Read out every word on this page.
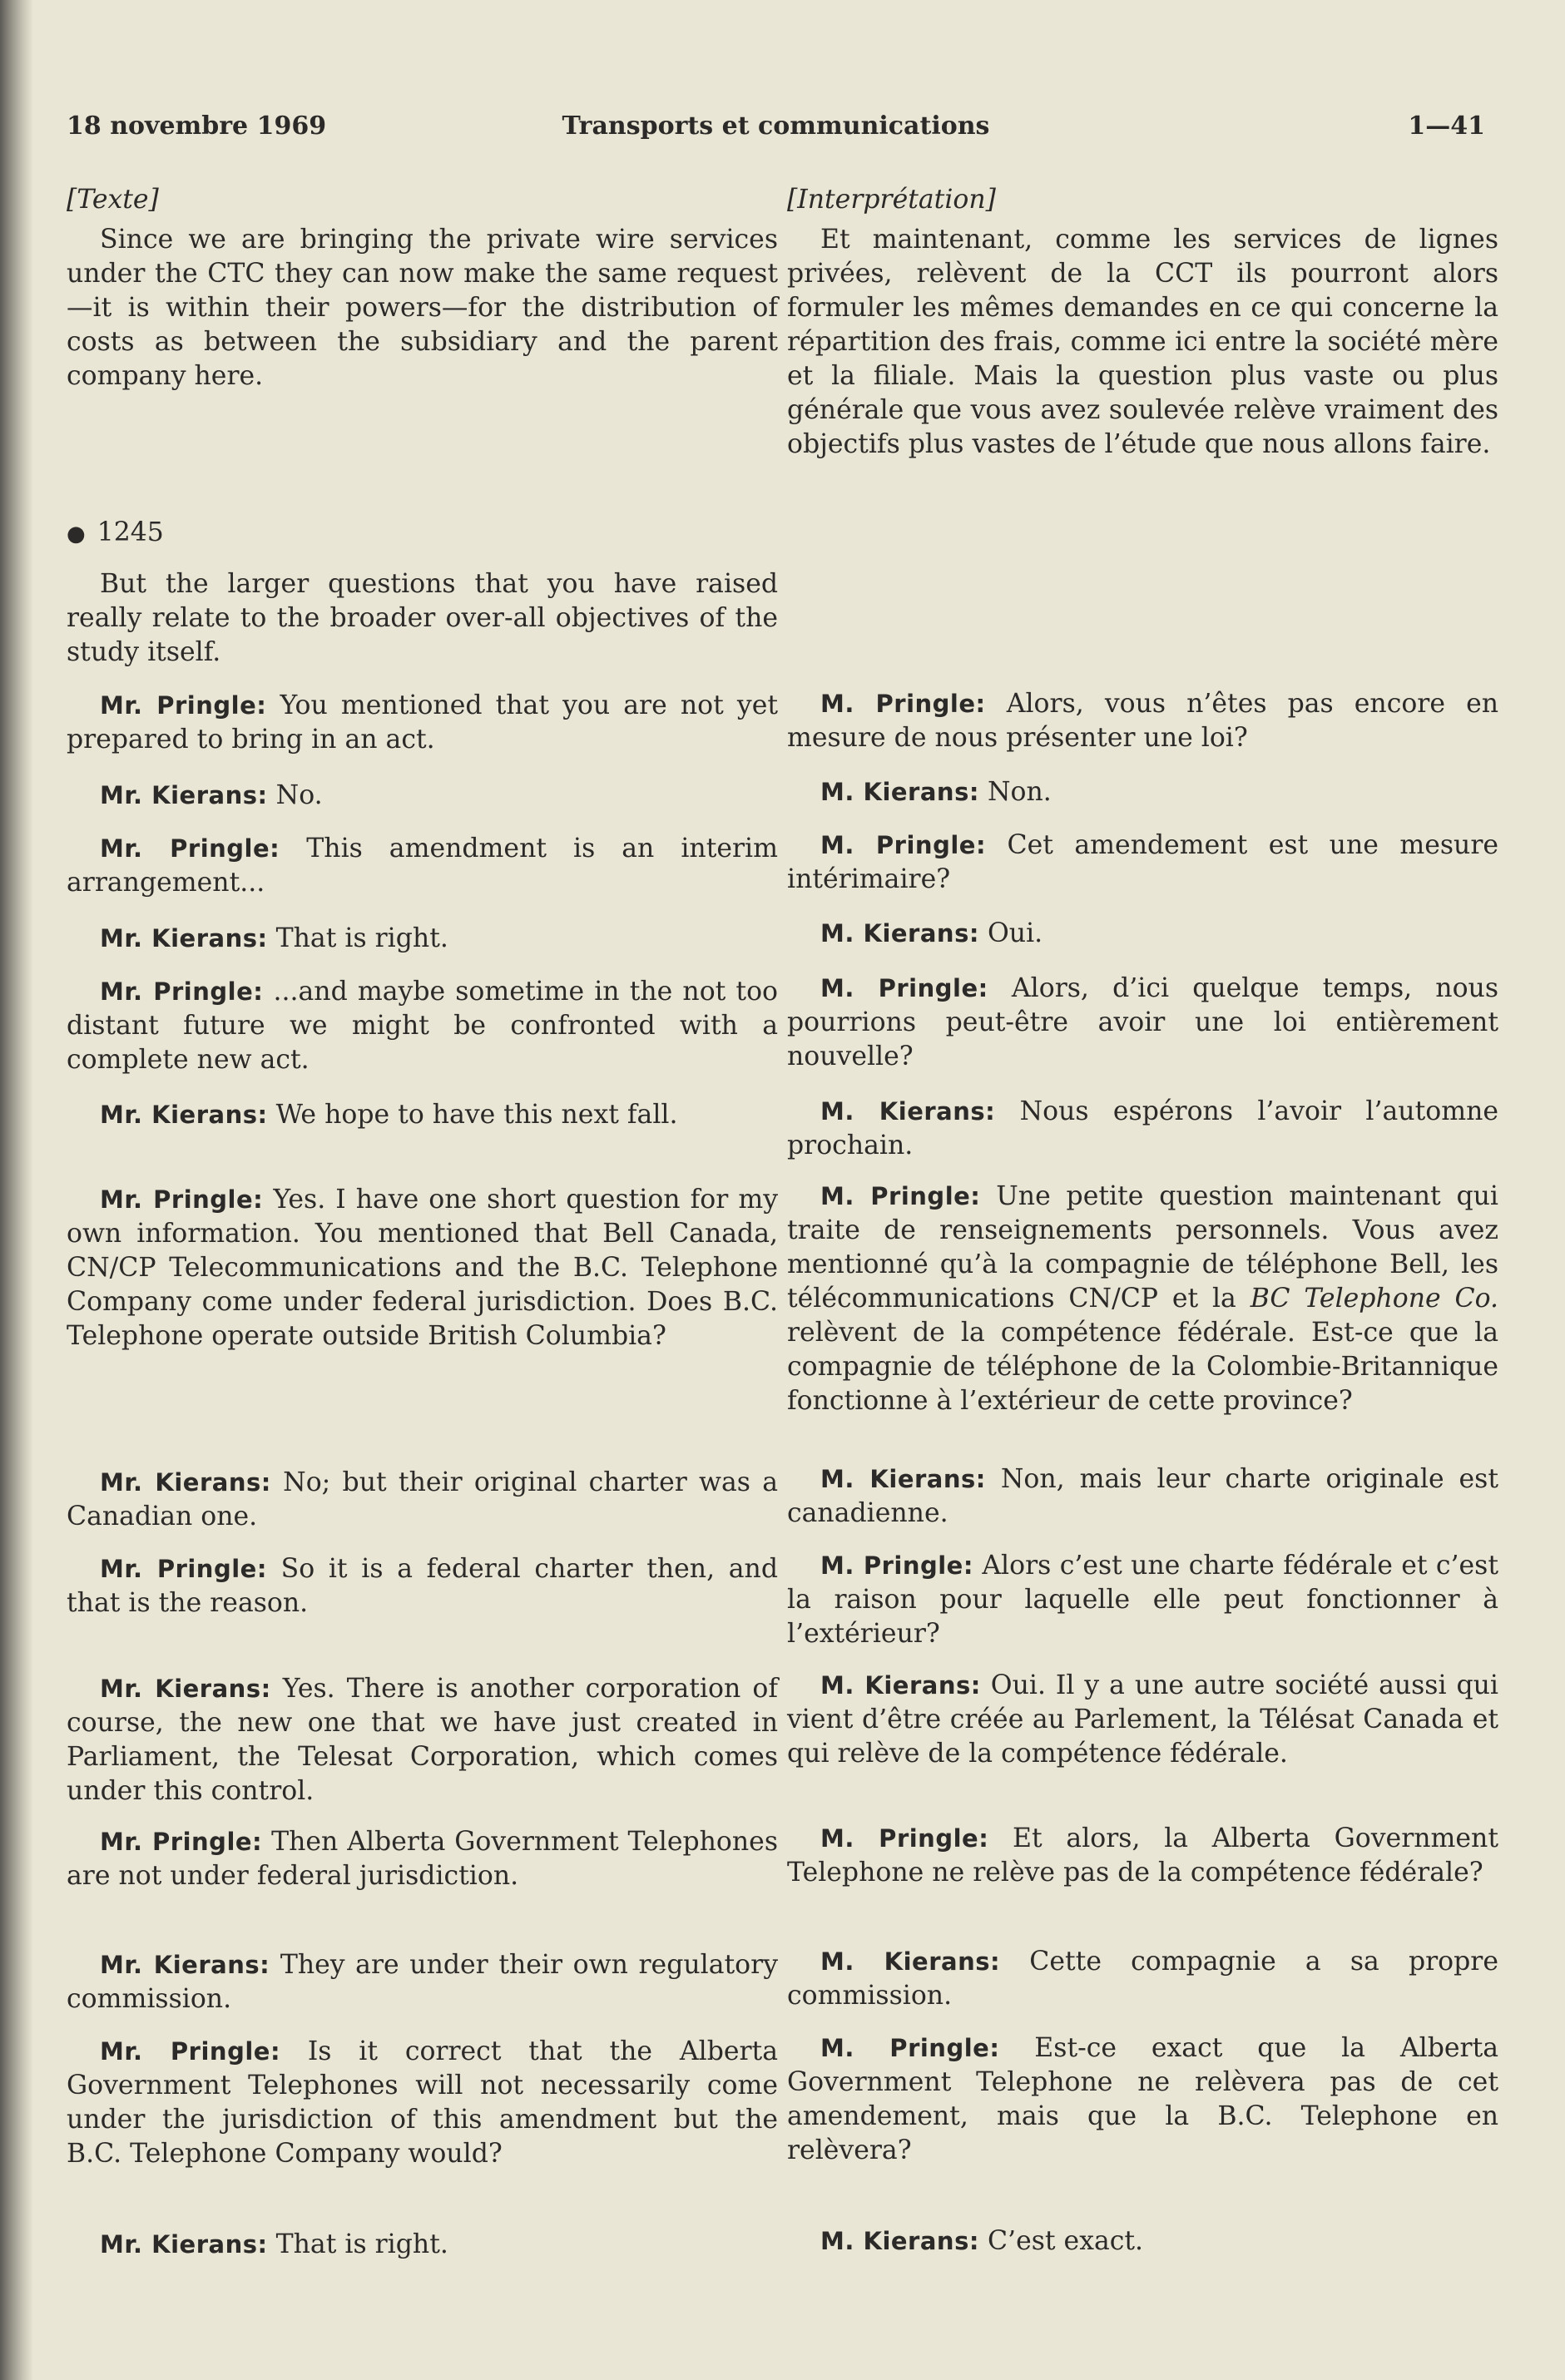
18 novembre 1969	Transports et communications	1—41
[Texte]
Since we are bringing the private wire services under the CTC they can now make the same request—it is within their powers—for the distribution of costs as between the subsidiary and the parent company here.
● 1245
But the larger questions that you have raised really relate to the broader over-all objectives of the study itself.
Mr. Pringle: You mentioned that you are not yet prepared to bring in an act.
Mr. Kierans: No.
Mr. Pringle: This amendment is an interim arrangement...
Mr. Kierans: That is right.
Mr. Pringle: ...and maybe sometime in the not too distant future we might be confronted with a complete new act.
Mr. Kierans: We hope to have this next fall.
Mr. Pringle: Yes. I have one short question for my own information. You mentioned that Bell Canada, CN/CP Telecommunications and the B.C. Telephone Company come under federal jurisdiction. Does B.C. Telephone operate outside British Columbia?
Mr. Kierans: No; but their original charter was a Canadian one.
Mr. Pringle: So it is a federal charter then, and that is the reason.
Mr. Kierans: Yes. There is another corporation of course, the new one that we have just created in Parliament, the Telesat Corporation, which comes under this control.
Mr. Pringle: Then Alberta Government Telephones are not under federal jurisdiction.
Mr. Kierans: They are under their own regulatory commission.
Mr. Pringle: Is it correct that the Alberta Government Telephones will not necessarily come under the jurisdiction of this amendment but the B.C. Telephone Company would?
Mr. Kierans: That is right.
[Interprétation]
Et maintenant, comme les services de lignes privées, relèvent de la CCT ils pourront alors formuler les mêmes demandes en ce qui concerne la répartition des frais, comme ici entre la société mère et la filiale. Mais la question plus vaste ou plus générale que vous avez soulevée relève vraiment des objectifs plus vastes de l’étude que nous allons faire.
M. Pringle: Alors, vous n’êtes pas encore en mesure de nous présenter une loi?
M. Kierans: Non.
M. Pringle: Cet amendement est une mesure intérimaire?
M. Kierans: Oui.
M. Pringle: Alors, d’ici quelque temps, nous pourrions peut-être avoir une loi entièrement nouvelle?
M. Kierans: Nous espérons l’avoir l’automne prochain.
M. Pringle: Une petite question maintenant qui traite de renseignements personnels. Vous avez mentionné qu’à la compagnie de téléphone Bell, les télécommunications CN/CP et la BC Telephone Co. relèvent de la compétence fédérale. Est-ce que la compagnie de téléphone de la Colombie-Britannique fonctionne à l’extérieur de cette province?
M. Kierans: Non, mais leur charte originale est canadienne.
M. Pringle: Alors c’est une charte fédérale et c’est la raison pour laquelle elle peut fonctionner à l’extérieur?
M. Kierans: Oui. Il y a une autre société aussi qui vient d’être créée au Parlement, la Télésat Canada et qui relève de la compétence fédérale.
M. Pringle: Et alors, la Alberta Government Telephone ne relève pas de la compétence fédérale?
M. Kierans: Cette compagnie a sa propre commission.
M. Pringle: Est-ce exact que la Alberta Government Telephone ne relèvera pas de cet amendement, mais que la B.C. Telephone en relèvera?
M. Kierans: C’est exact.
